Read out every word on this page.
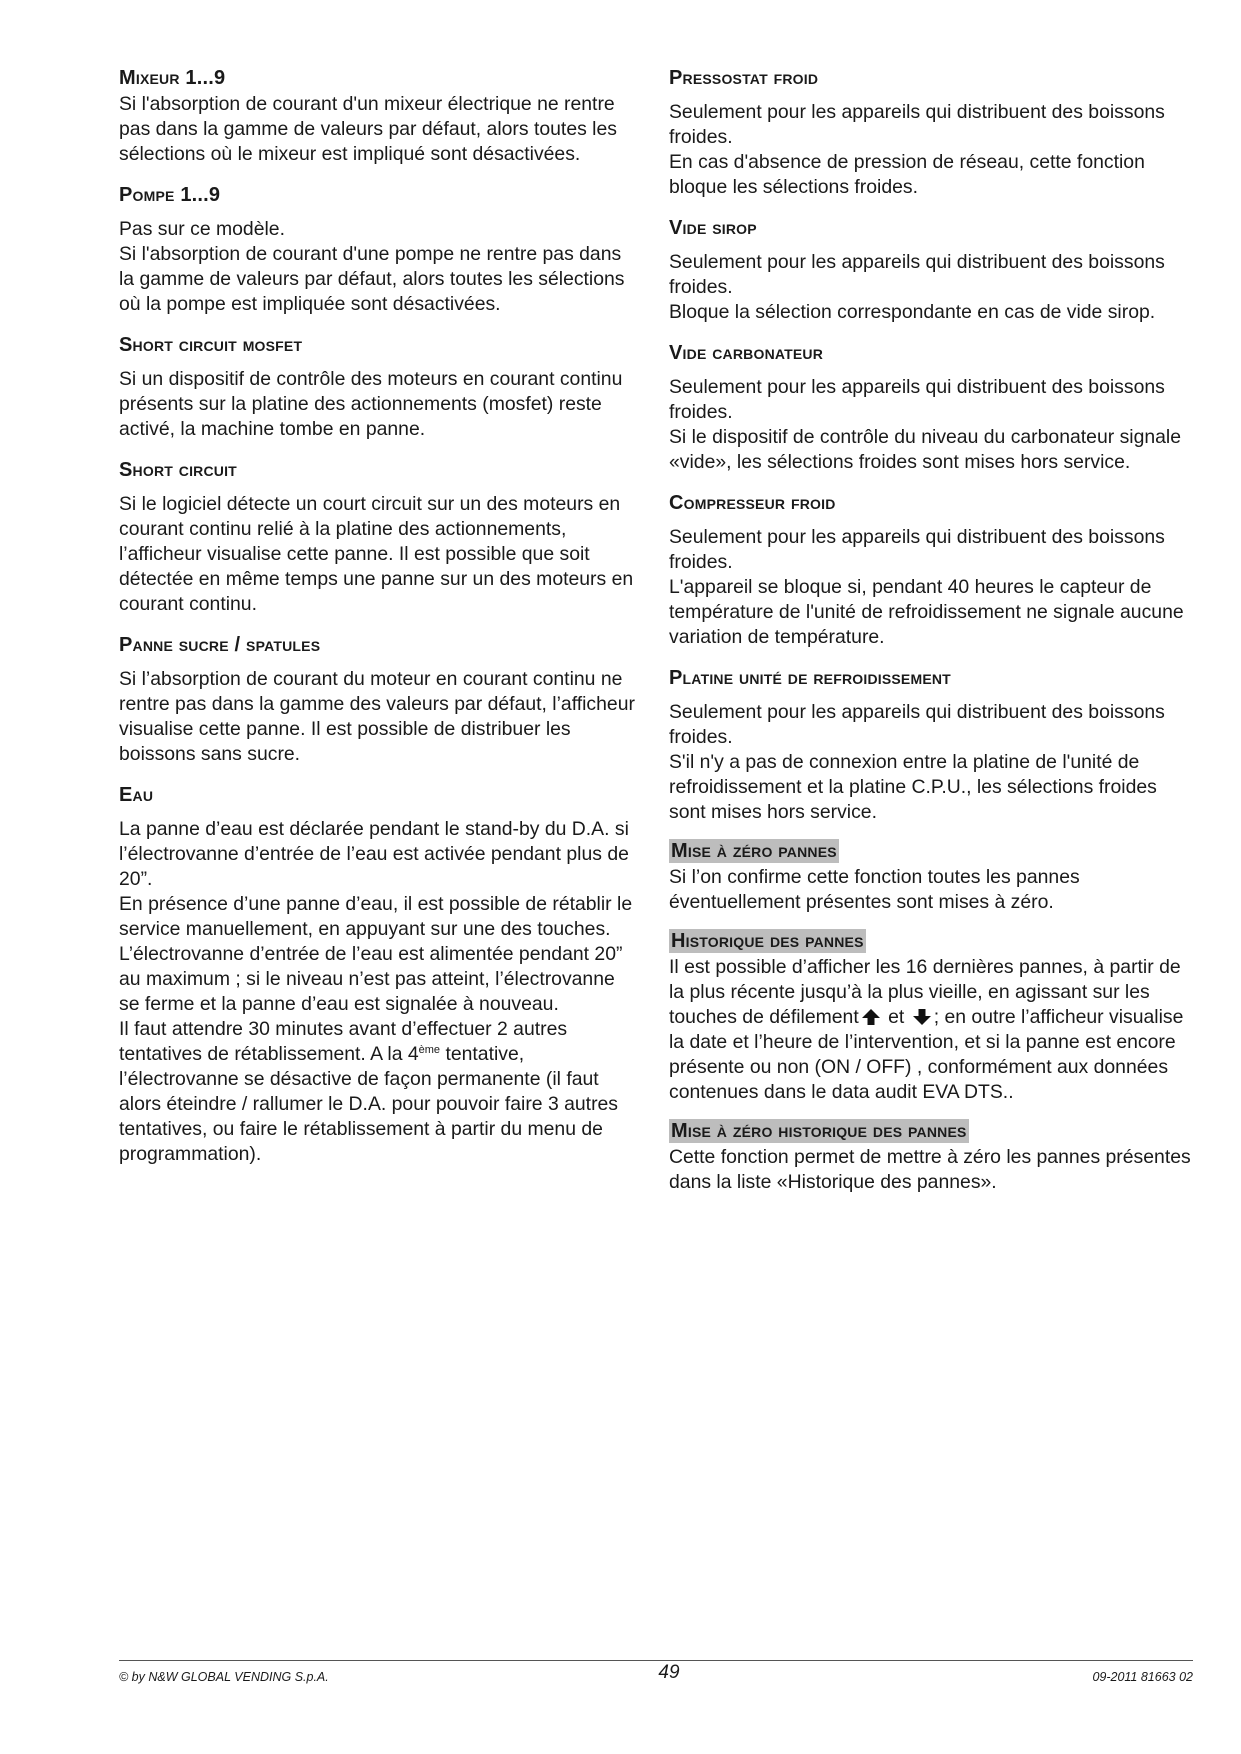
Mixeur 1...9

Si l'absorption de courant d'un mixeur électrique ne rentre pas dans la gamme de valeurs par défaut, alors toutes les sélections où le mixeur est impliqué sont désactivées.

Pompe 1...9

Pas sur ce modèle.

Si l'absorption de courant d'une pompe ne rentre pas dans la gamme de valeurs par défaut, alors toutes les sélections où la pompe est impliquée sont désactivées.

Short circuit mosfet

Si un dispositif de contrôle des moteurs en courant continu présents sur la platine des actionnements (mosfet) reste activé, la machine tombe en panne.

Short circuit

Si le logiciel détecte un court circuit sur un des moteurs en courant continu relié à la platine des actionnements, l’afficheur visualise cette panne. Il est possible que soit détectée en même temps une panne sur un des moteurs en courant continu.

Panne sucre / spatules

Si l’absorption de courant du moteur en courant continu ne rentre pas dans la gamme des valeurs par défaut, l’afficheur visualise cette panne. Il est possible de distribuer les boissons sans sucre.

Eau

La panne d’eau est déclarée pendant le stand-by du D.A. si l’électrovanne d’entrée de l’eau est activée pendant plus de 20”.

En présence d’une panne d’eau, il est possible de rétablir le service manuellement, en appuyant sur une des touches. L’électrovanne d’entrée de l’eau est alimentée pendant 20” au maximum ; si le niveau n’est pas atteint, l’électrovanne se ferme et la panne d’eau est signalée à nouveau.

Il faut attendre 30 minutes avant d’effectuer 2 autres tentatives de rétablissement. A la 4ème tentative, l’électrovanne se désactive de façon permanente (il faut alors éteindre / rallumer le D.A. pour pouvoir faire 3 autres tentatives, ou faire le rétablissement à partir du menu de programmation).

Pressostat froid

Seulement pour les appareils qui distribuent des boissons froides.

En cas d'absence de pression de réseau, cette fonction bloque les sélections froides.

Vide sirop

Seulement pour les appareils qui distribuent des boissons froides.

Bloque la sélection correspondante en cas de vide sirop.

Vide carbonateur

Seulement pour les appareils qui distribuent des boissons froides.

Si le dispositif de contrôle du niveau du carbonateur signale «vide», les sélections froides sont mises hors service.

Compresseur froid

Seulement pour les appareils qui distribuent des boissons froides.

L'appareil se bloque si, pendant 40 heures le capteur de température de l'unité de refroidissement ne signale aucune variation de température.

Platine unité de refroidissement

Seulement pour les appareils qui distribuent des boissons froides.

S'il n'y a pas de connexion entre la platine de l'unité de refroidissement et la platine C.P.U., les sélections froides sont mises hors service.

Mise à zéro pannes

Si l’on confirme cette fonction toutes les pannes éventuellement présentes sont mises à zéro.

Historique des pannes

Il est possible d’afficher les 16 dernières pannes, à partir de la plus récente jusqu’à la plus vieille, en agissant sur les touches de défilement et ; en outre l’afficheur visualise la date et l’heure de l’intervention, et si la panne est encore présente ou non (ON / OFF) , conformément aux données contenues dans le data audit EVA DTS..

Mise à zéro historique des pannes

Cette fonction permet de mettre à zéro les pannes présentes dans la liste «Historique des pannes».

© by N&W GLOBAL VENDING S.p.A.	49	09-2011 81663 02
